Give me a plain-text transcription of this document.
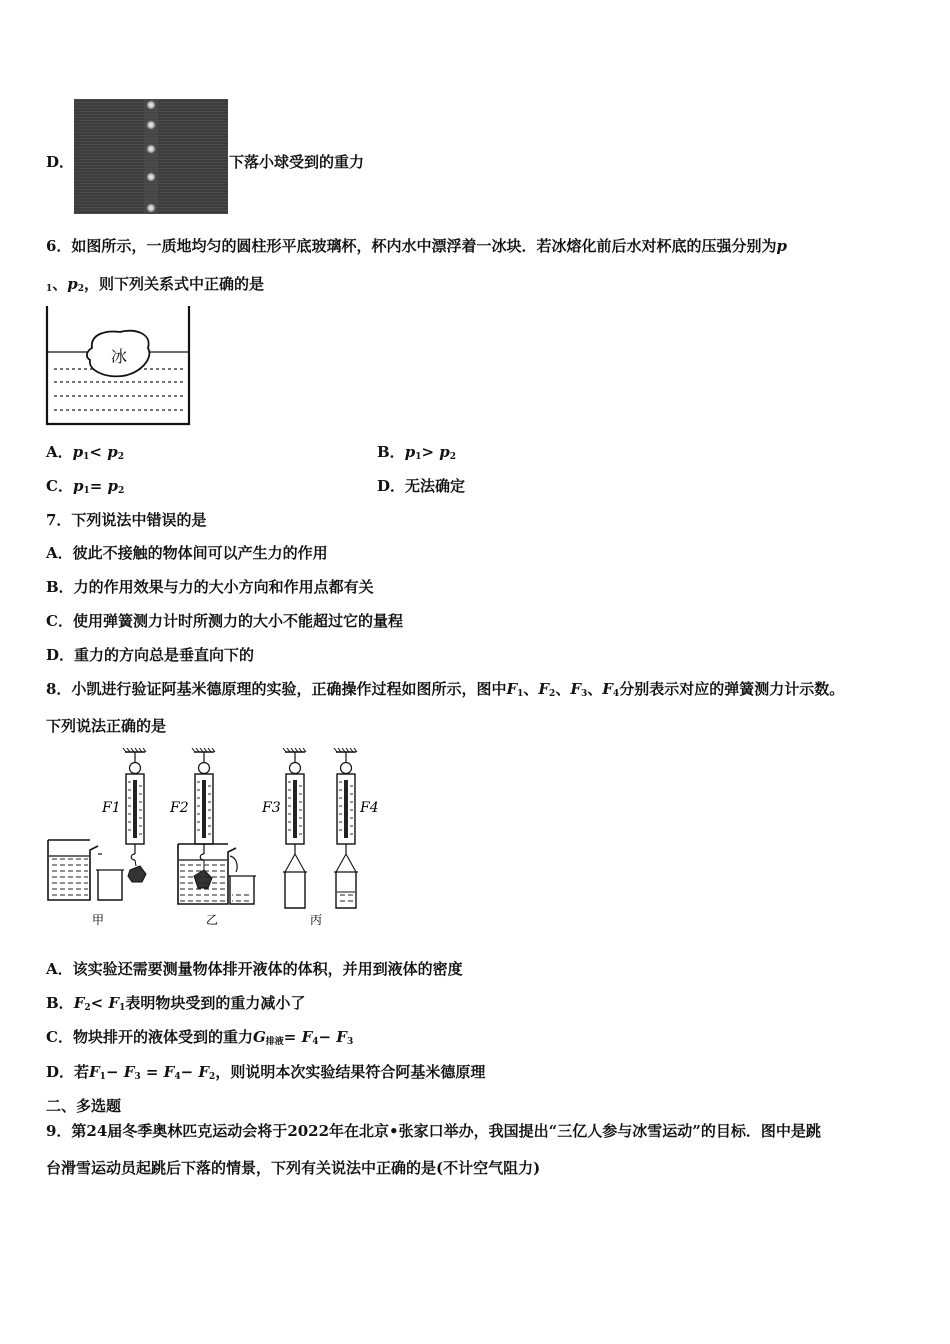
D．	下落小球受到的重力
6．如图所示，一质地均匀的圆柱形平底玻璃杯，杯内水中漂浮着一冰块．若冰熔化前后水对杯底的压强分别为p
$_1$、$p_2$，则下列关系式中正确的是
冰
A．$p_1< p_2$	B．$p_1> p_2$
C．$p_1= p_2$	D．无法确定
7．下列说法中错误的是
A．彼此不接触的物体间可以产生力的作用
B．力的作用效果与力的大小方向和作用点都有关
C．使用弹簧测力计时所测力的大小不能超过它的量程
D．重力的方向总是垂直向下的
8．小凯进行验证阿基米德原理的实验，正确操作过程如图所示，图中$F_1$、$F_2$、$F_3$、$F_4$分别表示对应的弹簧测力计示数。
下列说法正确的是
F1	F2	F3	F4
甲	乙	丙
A．该实验还需要测量物体排开液体的体积，并用到液体的密度
B．$F_2< F_1$表明物块受到的重力减小了
C．物块排开的液体受到的重力$G_{排液}= F_4- F_3$
D．若$F_1- F_3 = F_4- F_2$，则说明本次实验结果符合阿基米德原理
二、多选题
9．第24届冬季奥林匹克运动会将于2022年在北京•张家口举办，我国提出“三亿人参与冰雪运动”的目标．图中是跳
台滑雪运动员起跳后下落的情景，下列有关说法中正确的是(不计空气阻力)
